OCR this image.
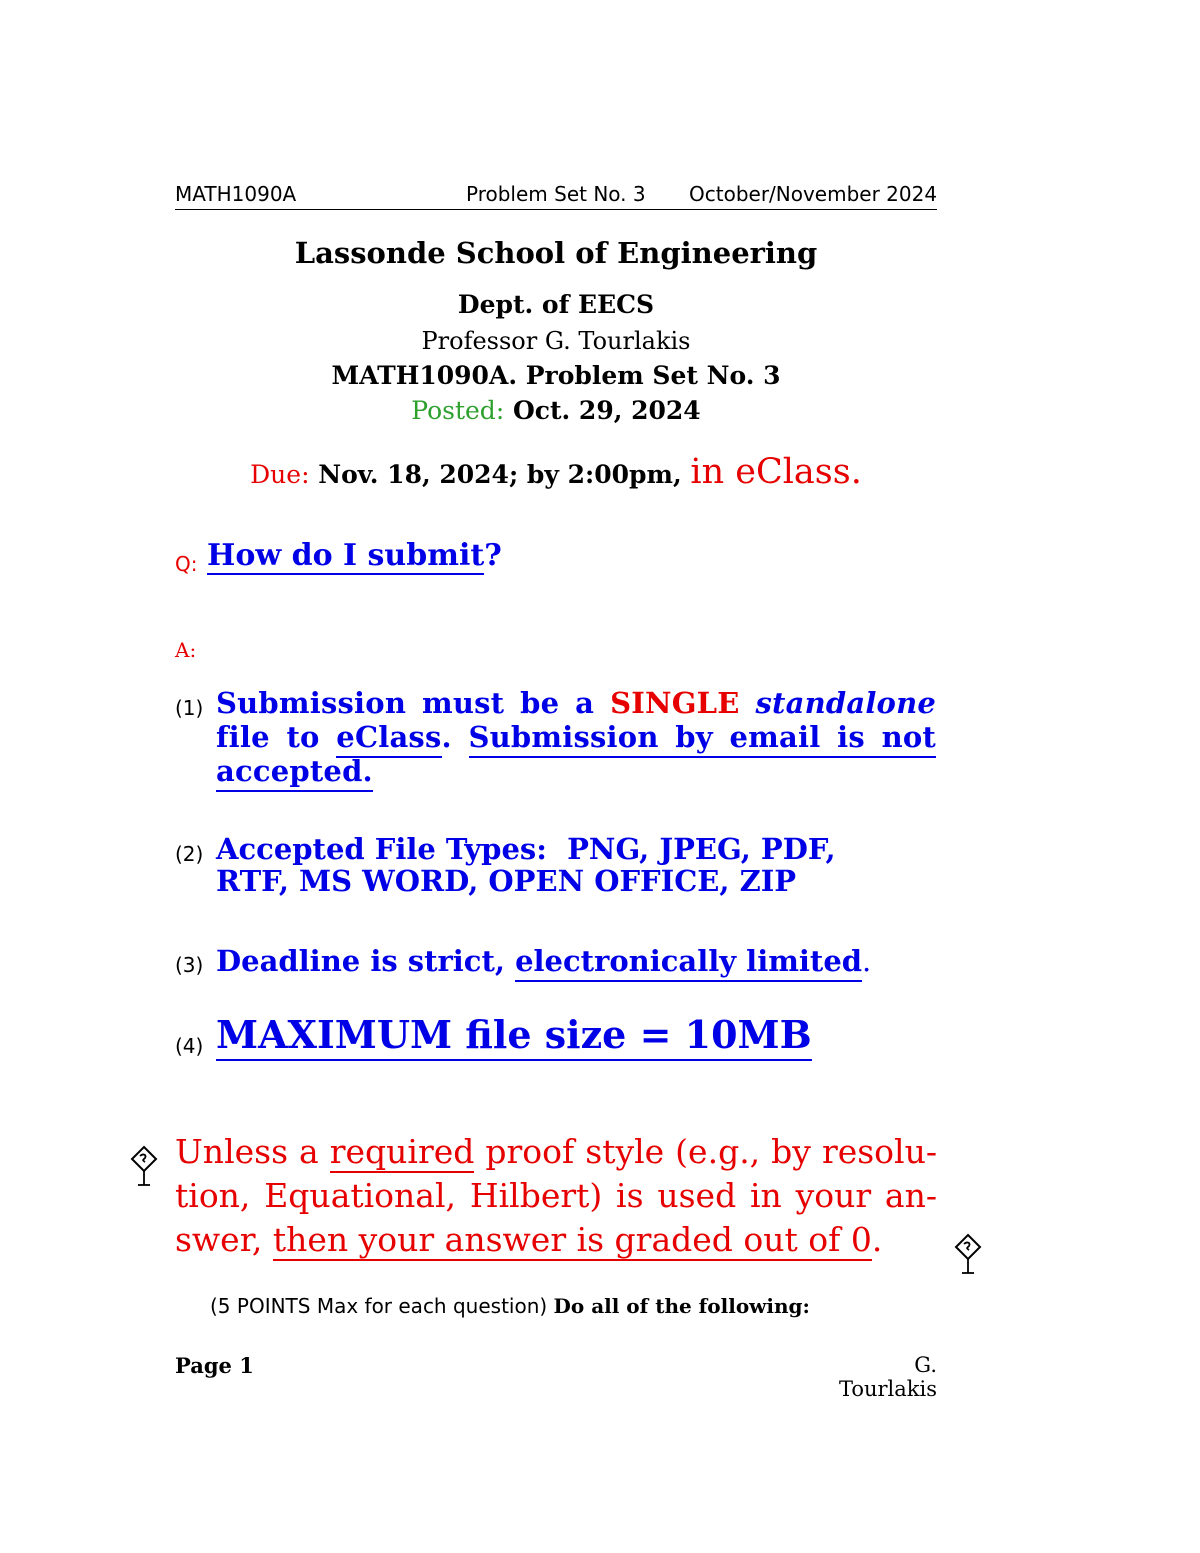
MATH1090A	Problem Set No. 3 October/November 2024
Lassonde School of Engineering
Dept. of EECS
Professor G. Tourlakis
MATH1090A. Problem Set No. 3
Posted: Oct. 29, 2024
Due: Nov. 18, 2024; by 2:00pm, in eClass.
Q: How do I submit?
A:
(1) Submission must be a SINGLE standalone file to eClass. Submission by email is not accepted.
(2) Accepted File Types:  PNG, JPEG, PDF,
RTF, MS WORD, OPEN OFFICE, ZIP
(3) Deadline is strict, electronically limited.
(4) MAXIMUM file size = 10MB
Unless a required proof style (e.g., by resolu-tion, Equational, Hilbert) is used in your an-swer, then your answer is graded out of 0.
(5 POINTS Max for each question) Do all of the following:
Page 1	G. Tourlakis
